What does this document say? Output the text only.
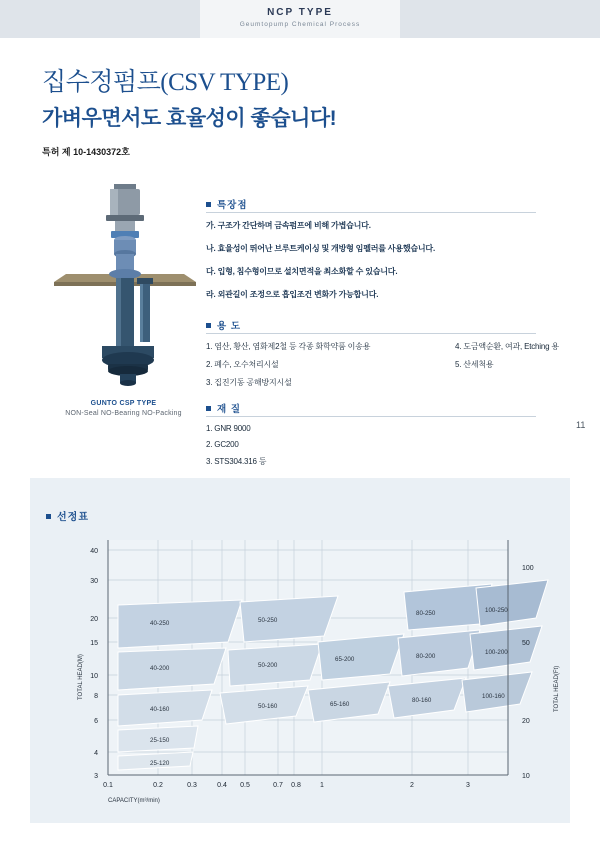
NCP TYPE
Geumtopump Chemical Process
집수정펌프(CSV TYPE)
가벼우면서도 효율성이 좋습니다!
특허 제 10-1430372호
GUNTO CSP TYPE
NON-Seal NO-Bearing NO-Packing
특장점
가. 구조가 간단하며 금속펌프에 비해 가볍습니다.
나. 효율성이 뛰어난 브루트케이싱 및 개방형 임펠러를 사용했습니다.
다. 입형, 침수형이므로 설치면적을 최소화할 수 있습니다.
라. 외관길이 조정으로 흡입조건 변화가 가능합니다.
용 도
1. 염산, 황산, 염화제2철 등 각종 화학약품 이송용
2. 폐수, 오수처리시설
3. 집진기동 공해방지시설
4. 도금액순환, 여과, Etching 용
5. 산세척용
재 질
1. GNR 9000
2. GC200
3. STS304.316 등
11
선정표
3
4
6
8
10
15
20
30
40
10
20
50
100
0.1	0.2	0.3	0.4 0.5	0.7 0.8	1	2	3
40-250
40-200
40-160
25-150
25-120
50-250
50-200
50-160
65-200
65-160
80-250
80-200
80-160
100-250
100-200
100-160
TOTAL HEAD(M)	TOTAL HEAD(Ft)
CAPACITY(m³/min)
